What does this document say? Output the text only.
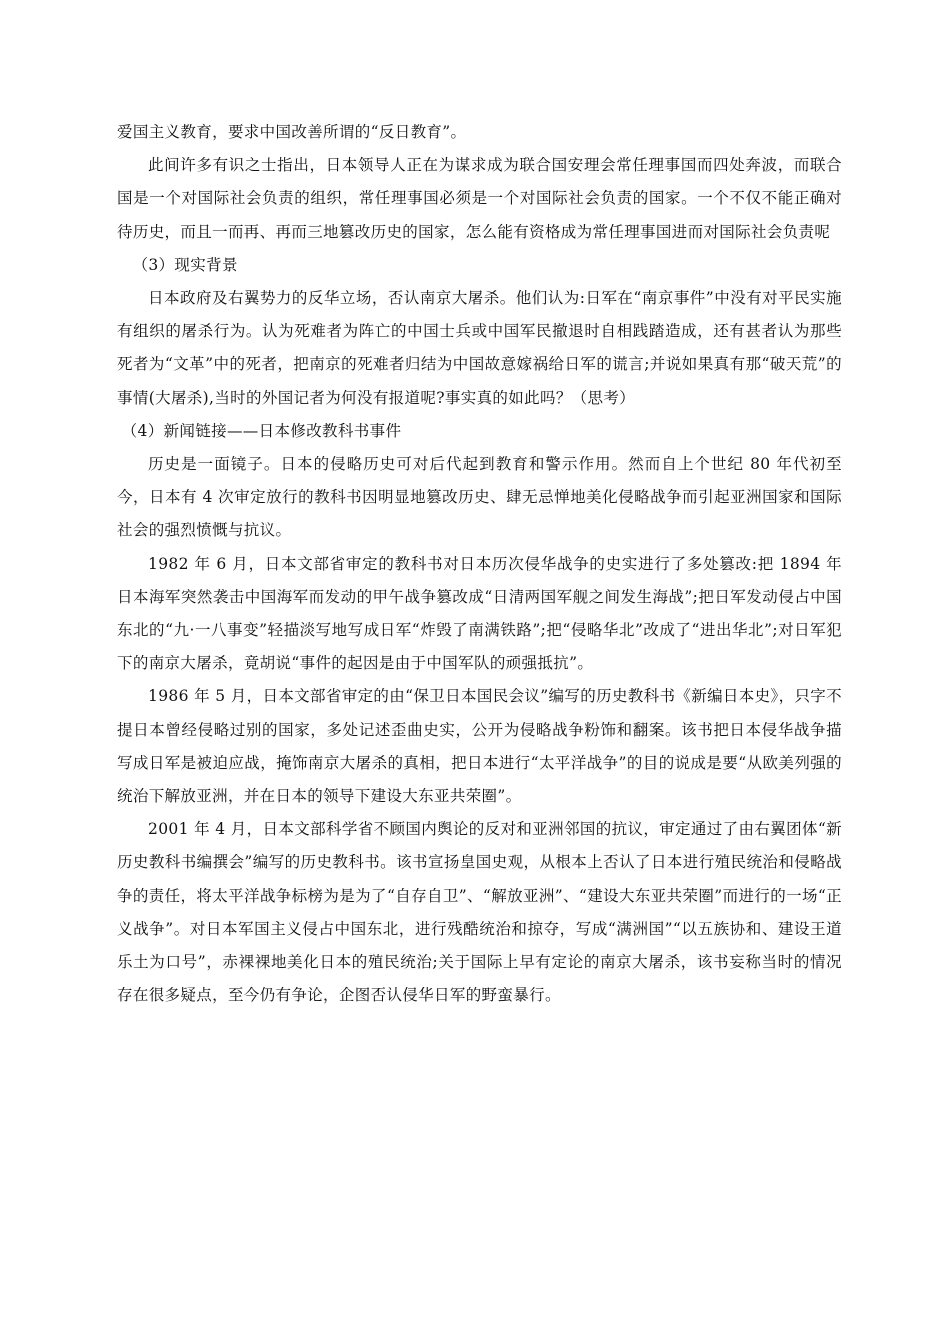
爱国主义教育，要求中国改善所谓的“反日教育”。

此间许多有识之士指出，日本领导人正在为谋求成为联合国安理会常任理事国而四处奔波，而联合国是一个对国际社会负责的组织，常任理事国必须是一个对国际社会负责的国家。一个不仅不能正确对待历史，而且一而再、再而三地篡改历史的国家，怎么能有资格成为常任理事国进而对国际社会负责呢

（3）现实背景

日本政府及右翼势力的反华立场，否认南京大屠杀。他们认为:日军在“南京事件”中没有对平民实施有组织的屠杀行为。认为死难者为阵亡的中国士兵或中国军民撤退时自相践踏造成，还有甚者认为那些死者为“文革”中的死者，把南京的死难者归结为中国故意嫁祸给日军的谎言;并说如果真有那“破天荒”的事情(大屠杀),当时的外国记者为何没有报道呢?事实真的如此吗？（思考）

（4）新闻链接——日本修改教科书事件

历史是一面镜子。日本的侵略历史可对后代起到教育和警示作用。然而自上个世纪 80 年代初至今，日本有 4 次审定放行的教科书因明显地篡改历史、肆无忌惮地美化侵略战争而引起亚洲国家和国际社会的强烈愤慨与抗议。

1982 年 6 月，日本文部省审定的教科书对日本历次侵华战争的史实进行了多处篡改:把 1894 年日本海军突然袭击中国海军而发动的甲午战争篡改成“日清两国军舰之间发生海战”;把日军发动侵占中国东北的“九·一八事变”轻描淡写地写成日军“炸毁了南满铁路”;把“侵略华北”改成了“进出华北”;对日军犯下的南京大屠杀，竟胡说“事件的起因是由于中国军队的顽强抵抗”。

1986 年 5 月，日本文部省审定的由“保卫日本国民会议”编写的历史教科书《新编日本史》，只字不提日本曾经侵略过别的国家，多处记述歪曲史实，公开为侵略战争粉饰和翻案。该书把日本侵华战争描写成日军是被迫应战，掩饰南京大屠杀的真相，把日本进行“太平洋战争”的目的说成是要“从欧美列强的统治下解放亚洲，并在日本的领导下建设大东亚共荣圈”。

2001 年 4 月，日本文部科学省不顾国内舆论的反对和亚洲邻国的抗议，审定通过了由右翼团体“新历史教科书编撰会”编写的历史教科书。该书宣扬皇国史观，从根本上否认了日本进行殖民统治和侵略战争的责任，将太平洋战争标榜为是为了“自存自卫”、“解放亚洲”、“建设大东亚共荣圈”而进行的一场“正义战争”。对日本军国主义侵占中国东北，进行残酷统治和掠夺，写成“满洲国”“以五族协和、建设王道乐土为口号”，赤裸裸地美化日本的殖民统治;关于国际上早有定论的南京大屠杀，该书妄称当时的情况存在很多疑点，至今仍有争论，企图否认侵华日军的野蛮暴行。
